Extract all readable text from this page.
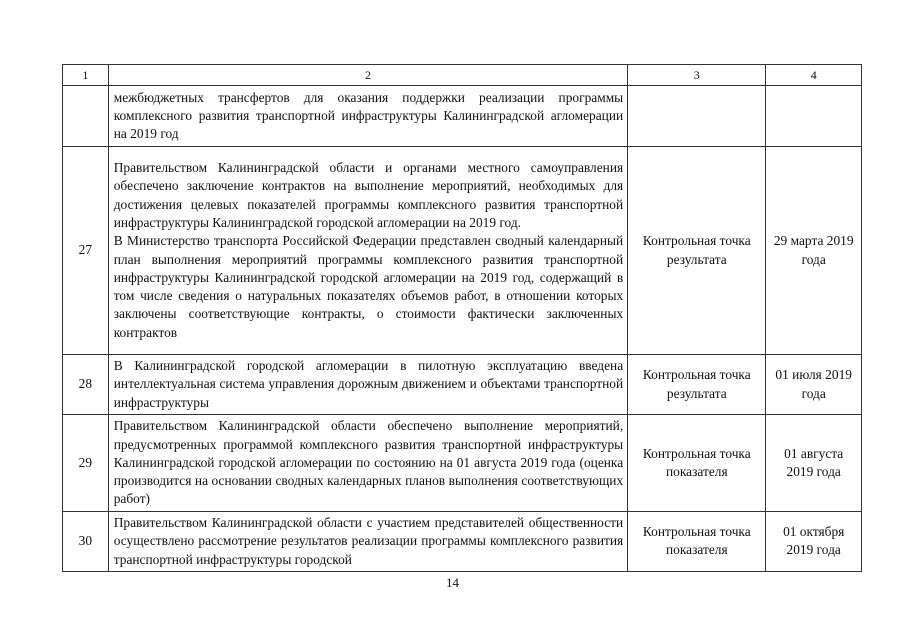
1	2	3	4

	межбюджетных трансфертов для оказания поддержки реализации программы комплексного развития транспортной инфраструктуры Калининградской агломерации на 2019 год		

27	Правительством Калининградской области и органами местного самоуправления обеспечено заключение контрактов на выполнение мероприятий, необходимых для достижения целевых показателей программы комплексного развития транспортной инфраструктуры Калининградской городской агломерации на 2019 год.
В Министерство транспорта Российской Федерации представлен сводный календарный план выполнения мероприятий программы комплексного развития транспортной инфраструктуры Калининградской городской агломерации на 2019 год, содержащий в том числе сведения о натуральных показателях объемов работ, в отношении которых заключены соответствующие контракты, о стоимости фактически заключенных контрактов	Контрольная точка результата	29 марта 2019 года
28	В Калининградской городской агломерации в пилотную эксплуатацию введена интеллектуальная система управления дорожным движением и объектами транспортной инфраструктуры	Контрольная точка результата	01 июля 2019 года
29	Правительством Калининградской области обеспечено выполнение мероприятий, предусмотренных программой комплексного развития транспортной инфраструктуры Калининградской городской агломерации по состоянию на 01 августа 2019 года (оценка производится на основании сводных календарных планов выполнения соответствующих работ)	Контрольная точка показателя	01 августа 2019 года
30	Правительством Калининградской области с участием представителей общественности осуществлено рассмотрение результатов реализации программы комплексного развития транспортной инфраструктуры городской	Контрольная точка показателя	01 октября 2019 года
14
